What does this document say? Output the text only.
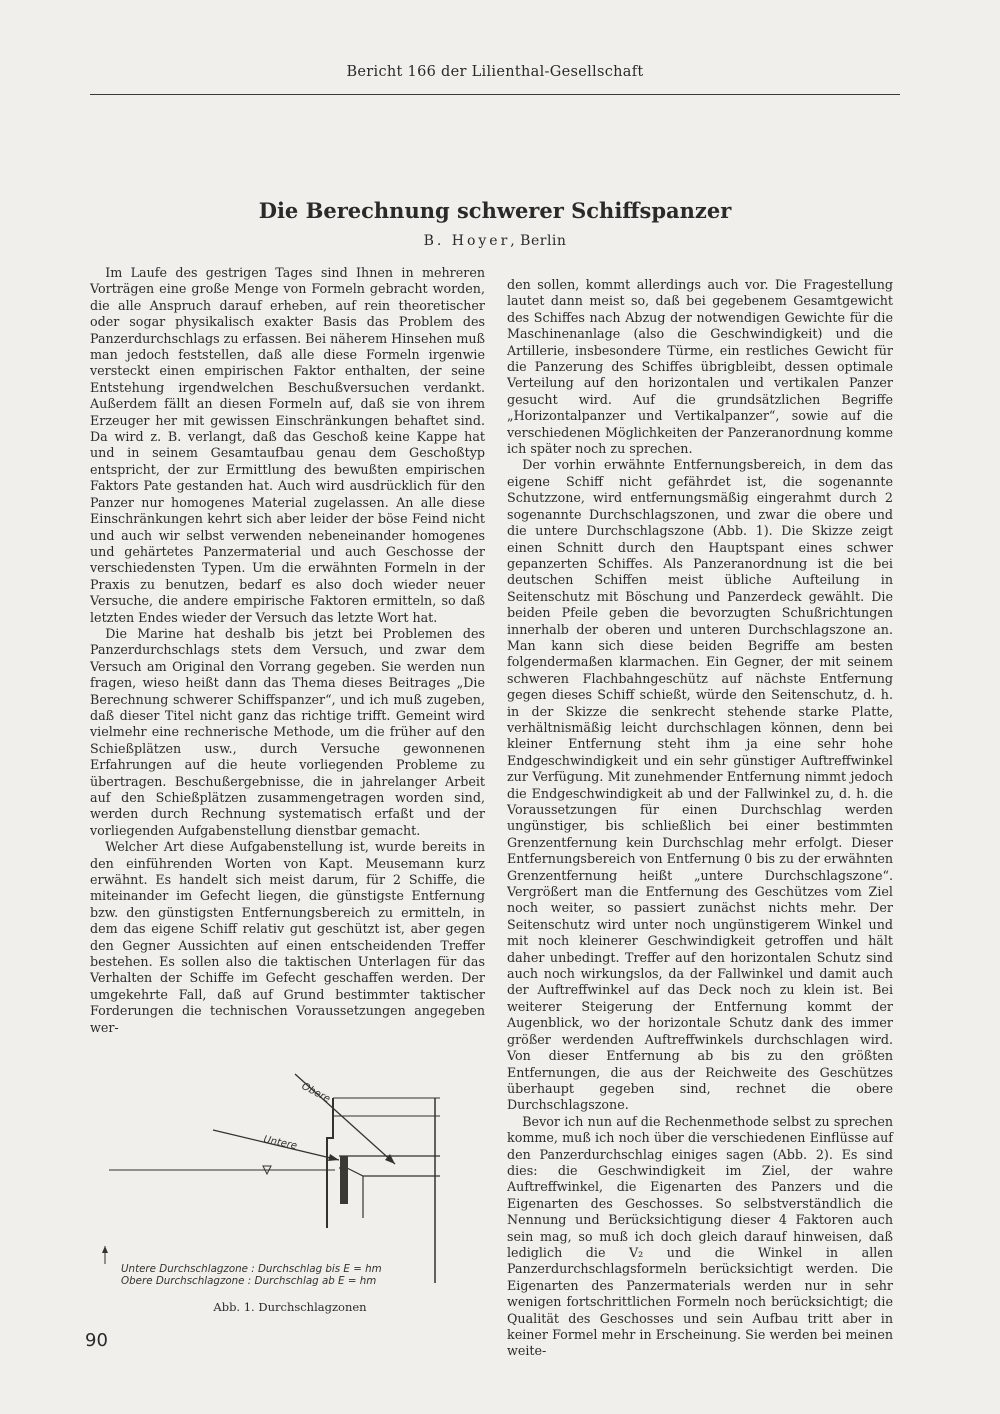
Bericht 166 der Lilienthal-Gesellschaft
Die Berechnung schwerer Schiffspanzer
B. Hoyer, Berlin

Im Laufe des gestrigen Tages sind Ihnen in mehreren Vorträgen eine große Menge von Formeln gebracht worden, die alle Anspruch darauf erheben, auf rein theoretischer oder sogar physikalisch exakter Basis das Problem des Panzerdurchschlags zu erfassen. Bei näherem Hinsehen muß man jedoch feststellen, daß alle diese Formeln irgenwie versteckt einen empirischen Faktor enthalten, der seine Entstehung irgendwelchen Beschußversuchen verdankt. Außerdem fällt an diesen Formeln auf, daß sie von ihrem Erzeuger her mit gewissen Einschränkungen behaftet sind. Da wird z. B. verlangt, daß das Geschoß keine Kappe hat und in seinem Gesamtaufbau genau dem Geschoßtyp entspricht, der zur Ermittlung des bewußten empirischen Faktors Pate gestanden hat. Auch wird ausdrücklich für den Panzer nur homogenes Material zugelassen. An alle diese Einschränkungen kehrt sich aber leider der böse Feind nicht und auch wir selbst verwenden nebeneinander homogenes und gehärtetes Panzermaterial und auch Geschosse der verschiedensten Typen. Um die erwähnten Formeln in der Praxis zu benutzen, bedarf es also doch wieder neuer Versuche, die andere empirische Faktoren ermitteln, so daß letzten Endes wieder der Versuch das letzte Wort hat.

Die Marine hat deshalb bis jetzt bei Problemen des Panzerdurchschlags stets dem Versuch, und zwar dem Versuch am Original den Vorrang gegeben. Sie werden nun fragen, wieso heißt dann das Thema dieses Beitrages „Die Berechnung schwerer Schiffspanzer“, und ich muß zugeben, daß dieser Titel nicht ganz das richtige trifft. Gemeint wird vielmehr eine rechnerische Methode, um die früher auf den Schießplätzen usw., durch Versuche gewonnenen Erfahrungen auf die heute vorliegenden Probleme zu übertragen. Beschußergebnisse, die in jahrelanger Arbeit auf den Schießplätzen zusammengetragen worden sind, werden durch Rechnung systematisch erfaßt und der vorliegenden Aufgabenstellung dienstbar gemacht.

Welcher Art diese Aufgabenstellung ist, wurde bereits in den einführenden Worten von Kapt. Meusemann kurz erwähnt. Es handelt sich meist darum, für 2 Schiffe, die miteinander im Gefecht liegen, die günstigste Entfernung bzw. den günstigsten Entfernungsbereich zu ermitteln, in dem das eigene Schiff relativ gut geschützt ist, aber gegen den Gegner Aussichten auf einen entscheidenden Treffer bestehen. Es sollen also die taktischen Unterlagen für das Verhalten der Schiffe im Gefecht geschaffen werden. Der umgekehrte Fall, daß auf Grund bestimmter taktischer Forderungen die technischen Voraussetzungen angegeben wer-

den sollen, kommt allerdings auch vor. Die Fragestellung lautet dann meist so, daß bei gegebenem Gesamtgewicht des Schiffes nach Abzug der notwendigen Gewichte für die Maschinenanlage (also die Geschwindigkeit) und die Artillerie, insbesondere Türme, ein restliches Gewicht für die Panzerung des Schiffes übrigbleibt, dessen optimale Verteilung auf den horizontalen und vertikalen Panzer gesucht wird. Auf die grundsätzlichen Begriffe „Horizontalpanzer und Vertikalpanzer“, sowie auf die verschiedenen Möglichkeiten der Panzeranordnung komme ich später noch zu sprechen.

Der vorhin erwähnte Entfernungsbereich, in dem das eigene Schiff nicht gefährdet ist, die sogenannte Schutzzone, wird entfernungsmäßig eingerahmt durch 2 sogenannte Durchschlagszonen, und zwar die obere und die untere Durchschlagszone (Abb. 1). Die Skizze zeigt einen Schnitt durch den Hauptspant eines schwer gepanzerten Schiffes. Als Panzeranordnung ist die bei deutschen Schiffen meist übliche Aufteilung in Seitenschutz mit Böschung und Panzerdeck gewählt. Die beiden Pfeile geben die bevorzugten Schußrichtungen innerhalb der oberen und unteren Durchschlagszone an. Man kann sich diese beiden Begriffe am besten folgendermaßen klarmachen. Ein Gegner, der mit seinem schweren Flachbahngeschütz auf nächste Entfernung gegen dieses Schiff schießt, würde den Seitenschutz, d. h. in der Skizze die senkrecht stehende starke Platte, verhältnismäßig leicht durchschlagen können, denn bei kleiner Entfernung steht ihm ja eine sehr hohe Endgeschwindigkeit und ein sehr günstiger Auftreffwinkel zur Verfügung. Mit zunehmender Entfernung nimmt jedoch die Endgeschwindigkeit ab und der Fallwinkel zu, d. h. die Voraussetzungen für einen Durchschlag werden ungünstiger, bis schließlich bei einer bestimmten Grenzentfernung kein Durchschlag mehr erfolgt. Dieser Entfernungsbereich von Entfernung 0 bis zu der erwähnten Grenzentfernung heißt „untere Durchschlagszone“. Vergrößert man die Entfernung des Geschützes vom Ziel noch weiter, so passiert zunächst nichts mehr. Der Seitenschutz wird unter noch ungünstigerem Winkel und mit noch kleinerer Geschwindigkeit getroffen und hält daher unbedingt. Treffer auf den horizontalen Schutz sind auch noch wirkungslos, da der Fallwinkel und damit auch der Auftreffwinkel auf das Deck noch zu klein ist. Bei weiterer Steigerung der Entfernung kommt der Augenblick, wo der horizontale Schutz dank des immer größer werdenden Auftreffwinkels durchschlagen wird. Von dieser Entfernung ab bis zu den größten Entfernungen, die aus der Reichweite des Geschützes überhaupt gegeben sind, rechnet die obere Durchschlagszone.

Bevor ich nun auf die Rechenmethode selbst zu sprechen komme, muß ich noch über die verschiedenen Einflüsse auf den Panzerdurchschlag einiges sagen (Abb. 2). Es sind dies: die Geschwindigkeit im Ziel, der wahre Auftreffwinkel, die Eigenarten des Panzers und die Eigenarten des Geschosses. So selbstverständlich die Nennung und Berücksichtigung dieser 4 Faktoren auch sein mag, so muß ich doch gleich darauf hinweisen, daß lediglich die V₂ und die Winkel in allen Panzerdurchschlagsformeln berücksichtigt werden. Die Eigenarten des Panzermaterials werden nur in sehr wenigen fortschrittlichen Formeln noch berücksichtigt; die Qualität des Geschosses und sein Aufbau tritt aber in keiner Formel mehr in Erscheinung. Sie werden bei meinen weite-

Obere
Untere
Untere Durchschlagzone : Durchschlag bis E = hm
Obere Durchschlagzone : Durchschlag ab E = hm
Abb. 1. Durchschlagzonen
90
